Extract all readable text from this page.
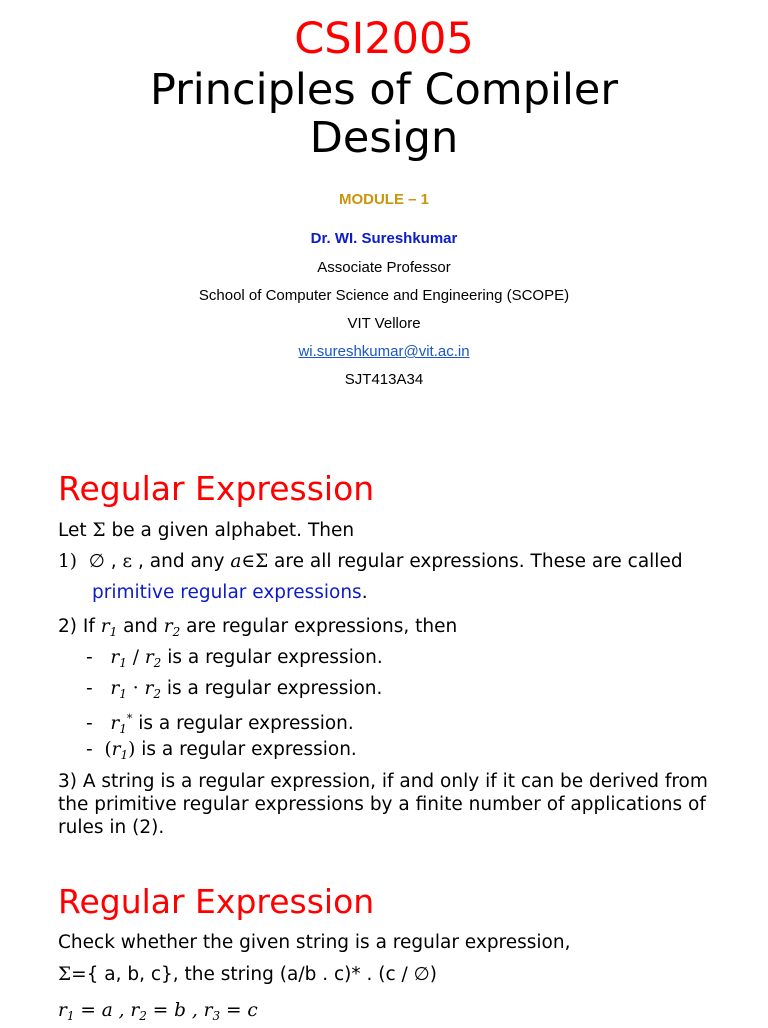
CSI2005
Principles of Compiler
Design
MODULE – 1
Dr. WI. Sureshkumar
Associate Professor
School of Computer Science and Engineering (SCOPE)
VIT Vellore
wi.sureshkumar@vit.ac.in
SJT413A34
Regular Expression
Let Σ be a given alphabet. Then
1) ∅ , ε , and any a∈Σ are all regular expressions. These are called
primitive regular expressions.
2) If $r_1$ and $r_2$ are regular expressions, then
- $r_1 / r_2$ is a regular expression.
- $r_1 \cdot r_2$ is a regular expression.
- $r_1^*$ is a regular expression.
- $(r_1)$ is a regular expression.
3) A string is a regular expression, if and only if it can be derived from the primitive regular expressions by a finite number of applications of rules in (2).
Regular Expression
Check whether the given string is a regular expression,
Σ={ a, b, c}, the string (a/b . c)* . (c / ∅)
$r_1 = a$ , $r_2 = b$ , $r_3 = c$
